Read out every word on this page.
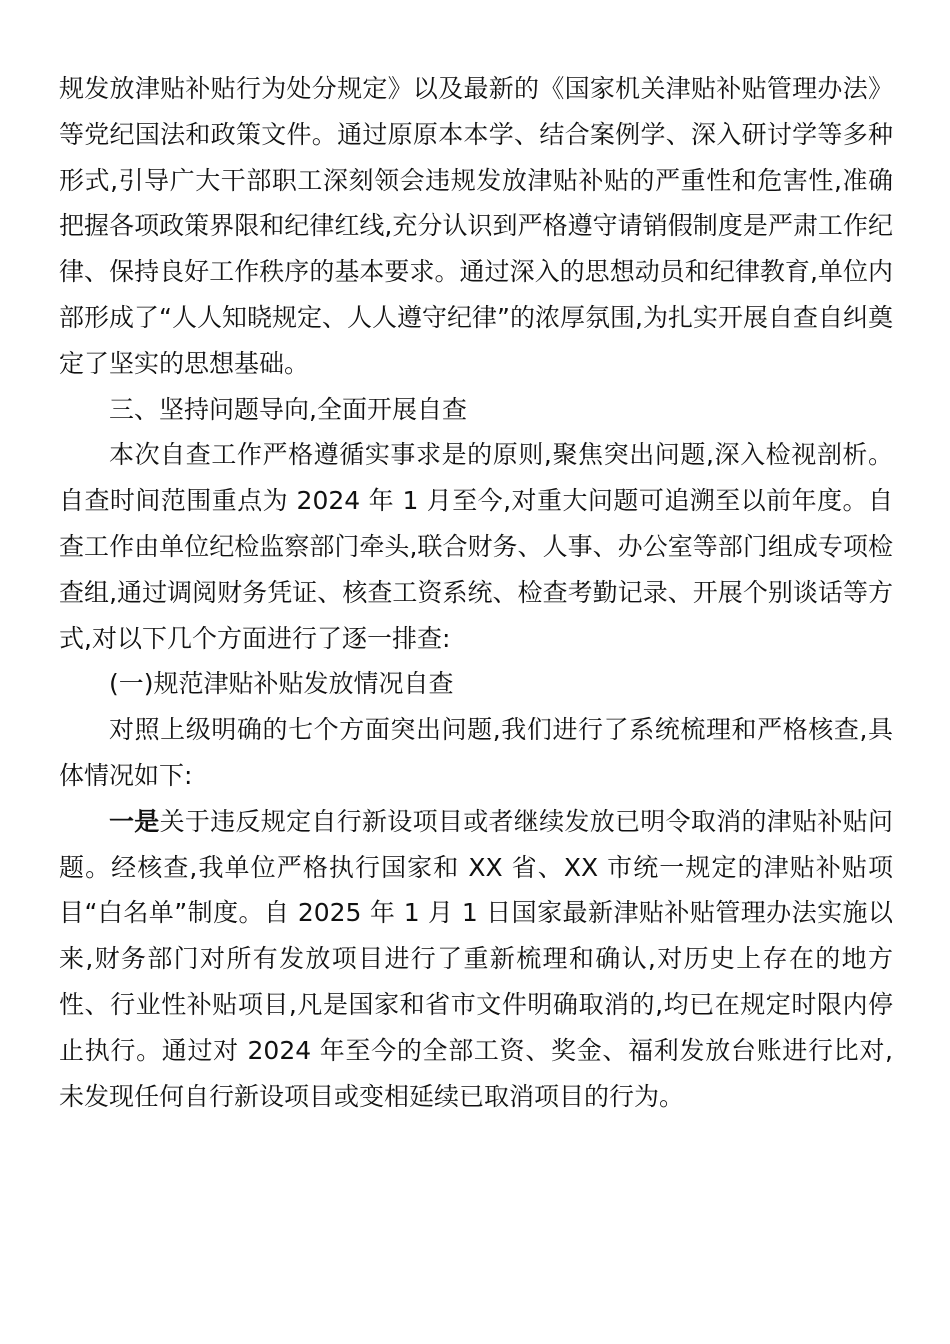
规发放津贴补贴行为处分规定》以及最新的《国家机关津贴补贴管理办法》等党纪国法和政策文件。通过原原本本学、结合案例学、深入研讨学等多种形式,引导广大干部职工深刻领会违规发放津贴补贴的严重性和危害性,准确把握各项政策界限和纪律红线,充分认识到严格遵守请销假制度是严肃工作纪律、保持良好工作秩序的基本要求。通过深入的思想动员和纪律教育,单位内部形成了“人人知晓规定、人人遵守纪律”的浓厚氛围,为扎实开展自查自纠奠定了坚实的思想基础。

三、坚持问题导向,全面开展自查

本次自查工作严格遵循实事求是的原则,聚焦突出问题,深入检视剖析。自查时间范围重点为 2024 年 1 月至今,对重大问题可追溯至以前年度。自查工作由单位纪检监察部门牵头,联合财务、人事、办公室等部门组成专项检查组,通过调阅财务凭证、核查工资系统、检查考勤记录、开展个别谈话等方式,对以下几个方面进行了逐一排查:

(一)规范津贴补贴发放情况自查

对照上级明确的七个方面突出问题,我们进行了系统梳理和严格核查,具体情况如下:

一是关于违反规定自行新设项目或者继续发放已明令取消的津贴补贴问题。经核查,我单位严格执行国家和 XX 省、XX 市统一规定的津贴补贴项目“白名单”制度。自 2025 年 1 月 1 日国家最新津贴补贴管理办法实施以来,财务部门对所有发放项目进行了重新梳理和确认,对历史上存在的地方性、行业性补贴项目,凡是国家和省市文件明确取消的,均已在规定时限内停止执行。通过对 2024 年至今的全部工资、奖金、福利发放台账进行比对,未发现任何自行新设项目或变相延续已取消项目的行为。
